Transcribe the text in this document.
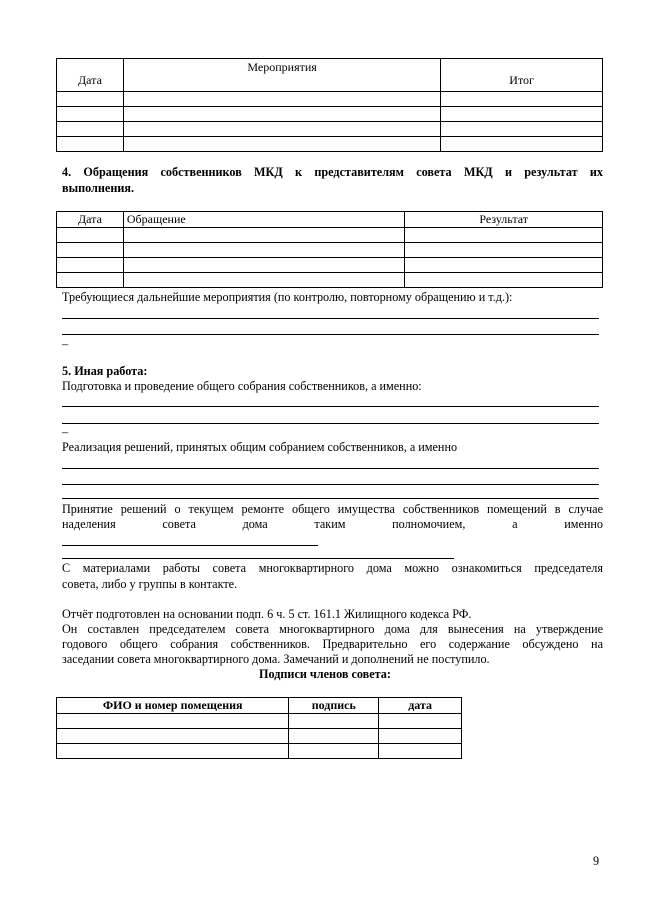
Дата	Мероприятия	Итог

4. Обращения собственников МКД к представителям совета МКД и результат их
выполнения.
Дата	Обращение	Результат

Требующиеся дальнейшие мероприятия (по контролю, повторному обращению и т.д.):
–
5. Иная работа:
Подготовка и проведение общего собрания собственников, а именно:
–
Реализация решений, принятых общим собранием собственников, а именно
Принятие решений о текущем ремонте общего имущества собственников помещений в случае
наделения	совета	дома	таким	полномочием,	а	именно
С материалами работы совета многоквартирного дома можно ознакомиться председателя
совета, либо у группы в контакте.
Отчёт подготовлен на основании подп. 6 ч. 5 ст. 161.1 Жилищного кодекса РФ.
Он составлен председателем совета многоквартирного дома для вынесения на утверждение
годового общего собрания собственников. Предварительно его содержание обсуждено на
заседании совета многоквартирного дома. Замечаний и дополнений не поступило.
Подписи членов совета:
ФИО и номер помещения	подпись	дата

9
